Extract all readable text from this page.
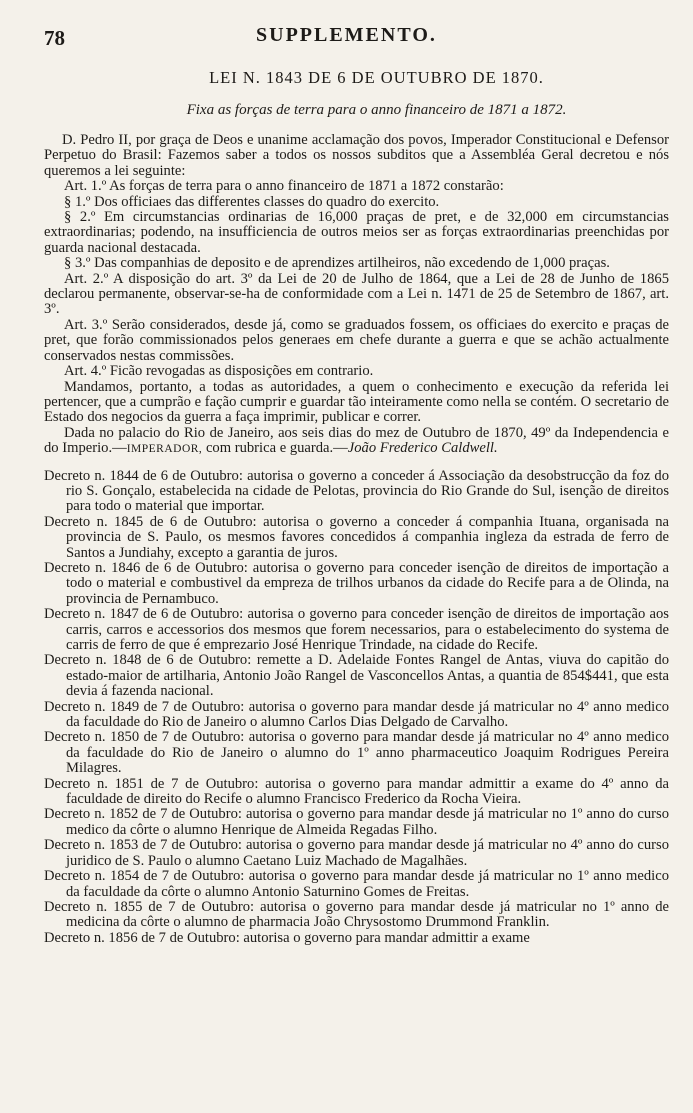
78	SUPPLEMENTO.
LEI N. 1843 DE 6 DE OUTUBRO DE 1870.
Fixa as forças de terra para o anno financeiro de 1871 a 1872.

D. Pedro II, por graça de Deos e unanime acclamação dos povos, Imperador Constitucional e Defensor Perpetuo do Brasil: Fazemos saber a todos os nossos subditos que a Assembléa Geral decretou e nós queremos a lei seguinte:

Art. 1.º As forças de terra para o anno financeiro de 1871 a 1872 constarão:

§ 1.º Dos officiaes das differentes classes do quadro do exercito.

§ 2.º Em circumstancias ordinarias de 16,000 praças de pret, e de 32,000 em circumstancias extraordinarias; podendo, na insufficiencia de outros meios ser as forças extraordinarias preenchidas por guarda nacional destacada.

§ 3.º Das companhias de deposito e de aprendizes artilheiros, não excedendo de 1,000 praças.

Art. 2.º A disposição do art. 3º da Lei de 20 de Julho de 1864, que a Lei de 28 de Junho de 1865 declarou permanente, observar-se-ha de conformidade com a Lei n. 1471 de 25 de Setembro de 1867, art. 3º.

Art. 3.º Serão considerados, desde já, como se graduados fossem, os officiaes do exercito e praças de pret, que forão commissionados pelos generaes em chefe durante a guerra e que se achão actualmente conservados nestas commissões.

Art. 4.º Ficão revogadas as disposições em contrario.

Mandamos, portanto, a todas as autoridades, a quem o conhecimento e execução da referida lei pertencer, que a cumprão e fação cumprir e guardar tão inteiramente como nella se contém. O secretario de Estado dos negocios da guerra a faça imprimir, publicar e correr.

Dada no palacio do Rio de Janeiro, aos seis dias do mez de Outubro de 1870, 49º da Independencia e do Imperio.—IMPERADOR, com rubrica e guarda.—João Frederico Caldwell.

Decreto n. 1844 de 6 de Outubro: autorisa o governo a conceder á Associação da desobstrucção da foz do rio S. Gonçalo, estabelecida na cidade de Pelotas, provincia do Rio Grande do Sul, isenção de direitos para todo o material que importar.

Decreto n. 1845 de 6 de Outubro: autorisa o governo a conceder á companhia Ituana, organisada na provincia de S. Paulo, os mesmos favores concedidos á companhia ingleza da estrada de ferro de Santos a Jundiahy, excepto a garantia de juros.

Decreto n. 1846 de 6 de Outubro: autorisa o governo para conceder isenção de direitos de importação a todo o material e combustivel da empreza de trilhos urbanos da cidade do Recife para a de Olinda, na provincia de Pernambuco.

Decreto n. 1847 de 6 de Outubro: autorisa o governo para conceder isenção de direitos de importação aos carris, carros e accessorios dos mesmos que forem necessarios, para o estabelecimento do systema de carris de ferro de que é emprezario José Henrique Trindade, na cidade do Recife.

Decreto n. 1848 de 6 de Outubro: remette a D. Adelaide Fontes Rangel de Antas, viuva do capitão do estado-maior de artilharia, Antonio João Rangel de Vasconcellos Antas, a quantia de 854$441, que esta devia á fazenda nacional.

Decreto n. 1849 de 7 de Outubro: autorisa o governo para mandar desde já matricular no 4º anno medico da faculdade do Rio de Janeiro o alumno Carlos Dias Delgado de Carvalho.

Decreto n. 1850 de 7 de Outubro: autorisa o governo para mandar desde já matricular no 4º anno medico da faculdade do Rio de Janeiro o alumno do 1º anno pharmaceutico Joaquim Rodrigues Pereira Milagres.

Decreto n. 1851 de 7 de Outubro: autorisa o governo para mandar admittir a exame do 4º anno da faculdade de direito do Recife o alumno Francisco Frederico da Rocha Vieira.

Decreto n. 1852 de 7 de Outubro: autorisa o governo para mandar desde já matricular no 1º anno do curso medico da côrte o alumno Henrique de Almeida Regadas Filho.

Decreto n. 1853 de 7 de Outubro: autorisa o governo para mandar desde já matricular no 4º anno do curso juridico de S. Paulo o alumno Caetano Luiz Machado de Magalhães.

Decreto n. 1854 de 7 de Outubro: autorisa o governo para mandar desde já matricular no 1º anno medico da faculdade da côrte o alumno Antonio Saturnino Gomes de Freitas.

Decreto n. 1855 de 7 de Outubro: autorisa o governo para mandar desde já matricular no 1º anno de medicina da côrte o alumno de pharmacia João Chrysostomo Drummond Franklin.

Decreto n. 1856 de 7 de Outubro: autorisa o governo para mandar admittir a exame
